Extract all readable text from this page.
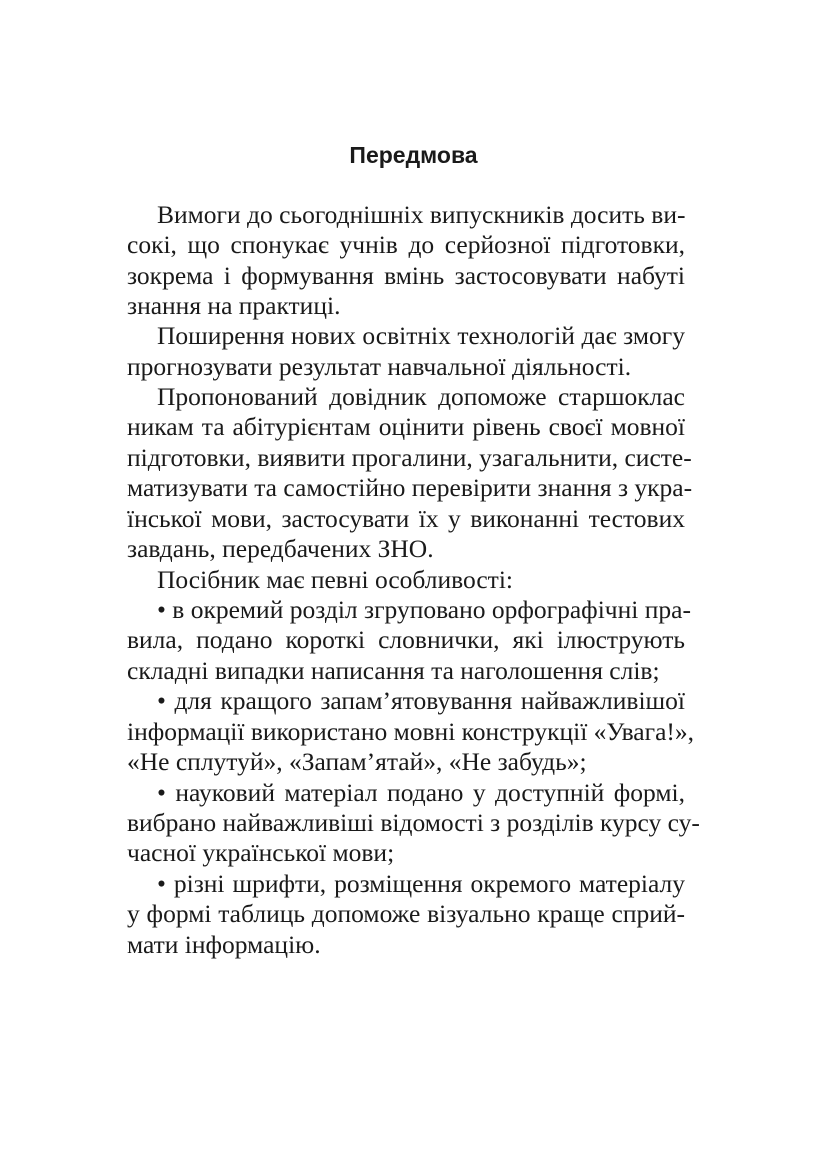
Передмова

Вимоги до сьогоднішніх випускників досить ви-

сокі, що спонукає учнів до серйозної підготовки,

зокрема і формування вмінь застосовувати набуті

знання на практиці.

Поширення нових освітніх технологій дає змогу

прогнозувати результат навчальної діяльності.

Пропонований довідник допоможе старшоклас

никам та абітурієнтам оцінити рівень своєї мовної

підготовки, виявити прогалини, узагальнити, систе-

матизувати та самостійно перевірити знання з укра-

їнської мови, застосувати їх у виконанні тестових

завдань, передбачених ЗНО.

Посібник має певні особливості:

• в окремий розділ згруповано орфографічні пра-

вила, подано короткі словнички, які ілюструють

складні випадки написання та наголошення слів;

• для кращого запам’ятовування найважливішої

інформації використано мовні конструкції «Увага!»,

«Не сплутуй», «Запам’ятай», «Не забудь»;

• науковий матеріал подано у доступній формі,

вибрано найважливіші відомості з розділів курсу су-

часної української мови;

• різні шрифти, розміщення окремого матеріалу

у формі таблиць допоможе візуально краще сприй-

мати інформацію.
